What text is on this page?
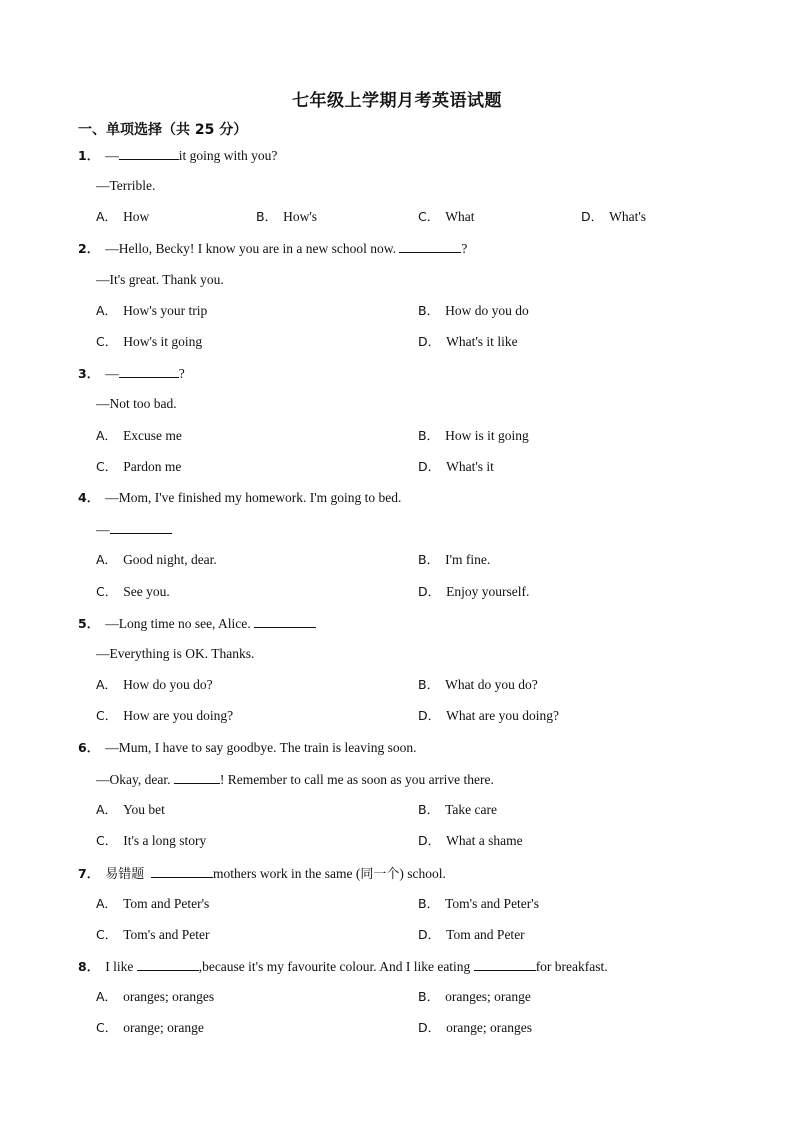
七年级上学期月考英语试题
一、单项选择（共 25 分）
1． —	it going with you?
—Terrible.
A． How	B． How's	C． What	D． What's
2． —Hello, Becky! I know you are in a new school now.	?
—It's great. Thank you.
A． How's your trip	B． How do you do
C． How's it going	D． What's it like
3． —	?
—Not too bad.
A． Excuse me	B． How is it going
C． Pardon me	D． What's it
4． —Mom, I've finished my homework. I'm going to bed.
—
A． Good night, dear.	B． I'm fine.
C． See you.	D． Enjoy yourself.
5． —Long time no see, Alice.
—Everything is OK. Thanks.
A． How do you do?	B． What do you do?
C． How are you doing?	D． What are you doing?
6． —Mum, I have to say goodbye. The train is leaving soon.
—Okay, dear.	! Remember to call me as soon as you arrive there.
A． You bet	B． Take care
C． It's a long story	D． What a shame
7． 易错题	mothers work in the same (同一个) school.
A． Tom and Peter's	B． Tom's and Peter's
C． Tom's and Peter	D． Tom and Peter
8． I like	,because it's my favourite colour. And I like eating	for breakfast.
A． oranges; oranges	B． oranges; orange
C． orange; orange	D． orange; oranges
